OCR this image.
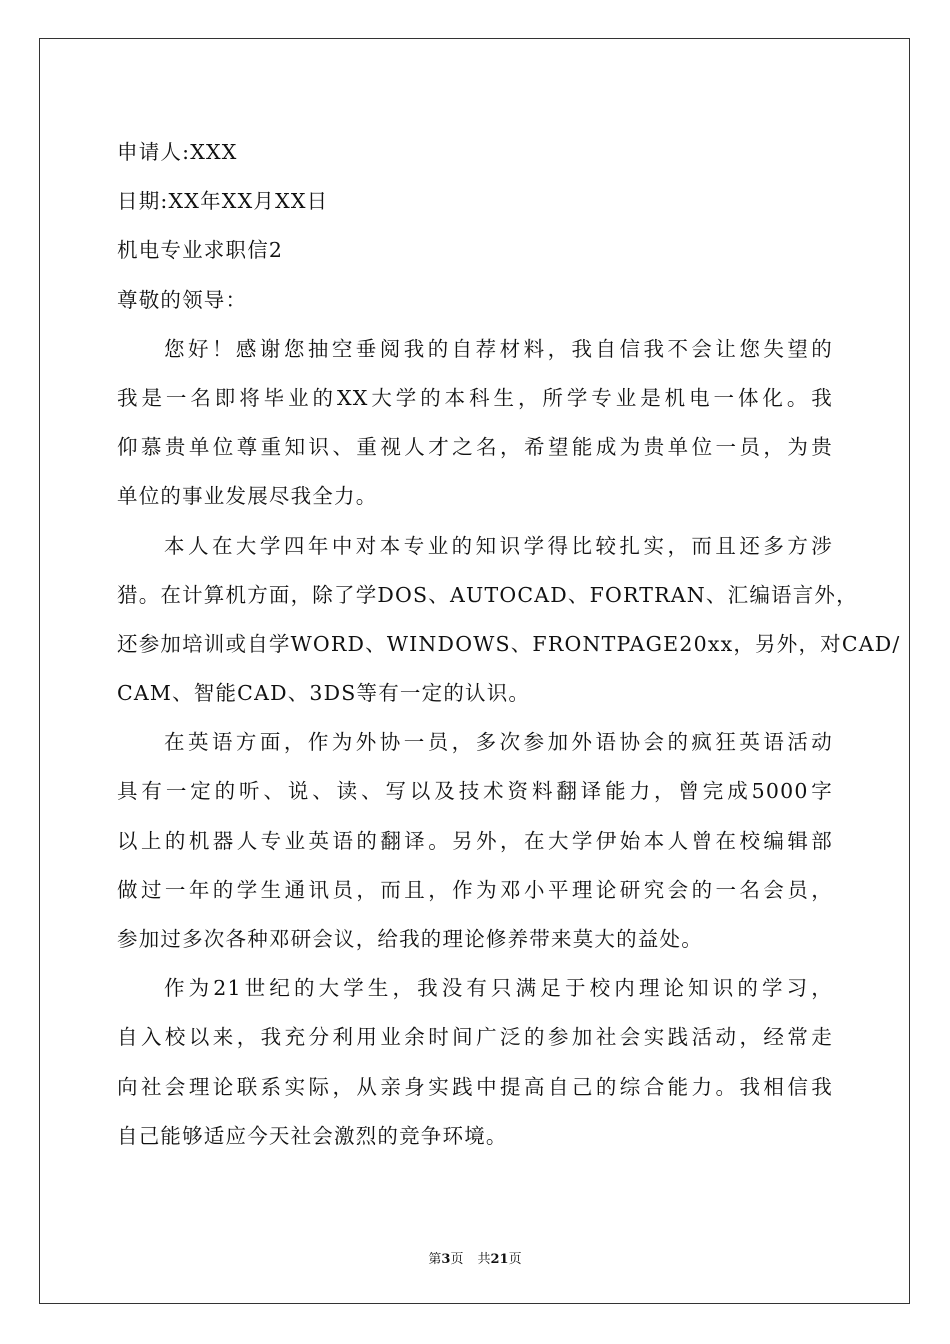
申请人:XXX
日期:XX年XX月XX日
机电专业求职信2
尊敬的领导：
您好！感谢您抽空垂阅我的自荐材料，我自信我不会让您失望的
我是一名即将毕业的XX大学的本科生，所学专业是机电一体化。我
仰慕贵单位尊重知识、重视人才之名，希望能成为贵单位一员，为贵
单位的事业发展尽我全力。
本人在大学四年中对本专业的知识学得比较扎实，而且还多方涉
猎。在计算机方面，除了学DOS、AUTOCAD、FORTRAN、汇编语言外，
还参加培训或自学WORD、WINDOWS、FRONTPAGE20xx，另外，对CAD/
CAM、智能CAD、3DS等有一定的认识。
在英语方面，作为外协一员，多次参加外语协会的疯狂英语活动
具有一定的听、说、读、写以及技术资料翻译能力，曾完成5000字
以上的机器人专业英语的翻译。另外，在大学伊始本人曾在校编辑部
做过一年的学生通讯员，而且，作为邓小平理论研究会的一名会员，
参加过多次各种邓研会议，给我的理论修养带来莫大的益处。
作为21世纪的大学生，我没有只满足于校内理论知识的学习，
自入校以来，我充分利用业余时间广泛的参加社会实践活动，经常走
向社会理论联系实际，从亲身实践中提高自己的综合能力。我相信我
自己能够适应今天社会激烈的竞争环境。
第3页 共21页
